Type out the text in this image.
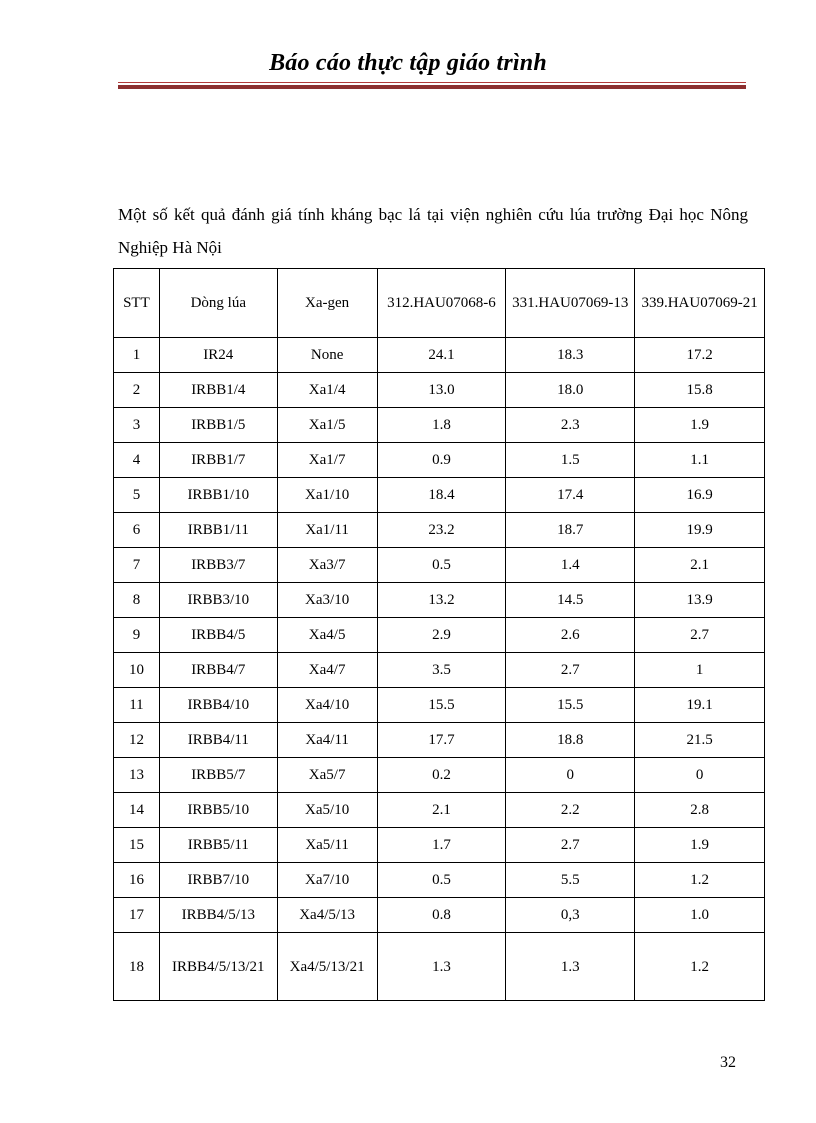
Báo cáo thực tập giáo trình
Một số kết quả đánh giá tính kháng bạc lá tại viện nghiên cứu lúa trường Đại học Nông Nghiệp Hà Nội
STT	Dòng lúa	Xa-gen	312.HAU07068-6	331.HAU07069-13	339.HAU07069-21
1	IR24	None	24.1	18.3	17.2
2	IRBB1/4	Xa1/4	13.0	18.0	15.8
3	IRBB1/5	Xa1/5	1.8	2.3	1.9
4	IRBB1/7	Xa1/7	0.9	1.5	1.1
5	IRBB1/10	Xa1/10	18.4	17.4	16.9
6	IRBB1/11	Xa1/11	23.2	18.7	19.9
7	IRBB3/7	Xa3/7	0.5	1.4	2.1
8	IRBB3/10	Xa3/10	13.2	14.5	13.9
9	IRBB4/5	Xa4/5	2.9	2.6	2.7
10	IRBB4/7	Xa4/7	3.5	2.7	1
11	IRBB4/10	Xa4/10	15.5	15.5	19.1
12	IRBB4/11	Xa4/11	17.7	18.8	21.5
13	IRBB5/7	Xa5/7	0.2	0	0
14	IRBB5/10	Xa5/10	2.1	2.2	2.8
15	IRBB5/11	Xa5/11	1.7	2.7	1.9
16	IRBB7/10	Xa7/10	0.5	5.5	1.2
17	IRBB4/5/13	Xa4/5/13	0.8	0,3	1.0
18	IRBB4/5/13/21	Xa4/5/13/21	1.3	1.3	1.2
32
